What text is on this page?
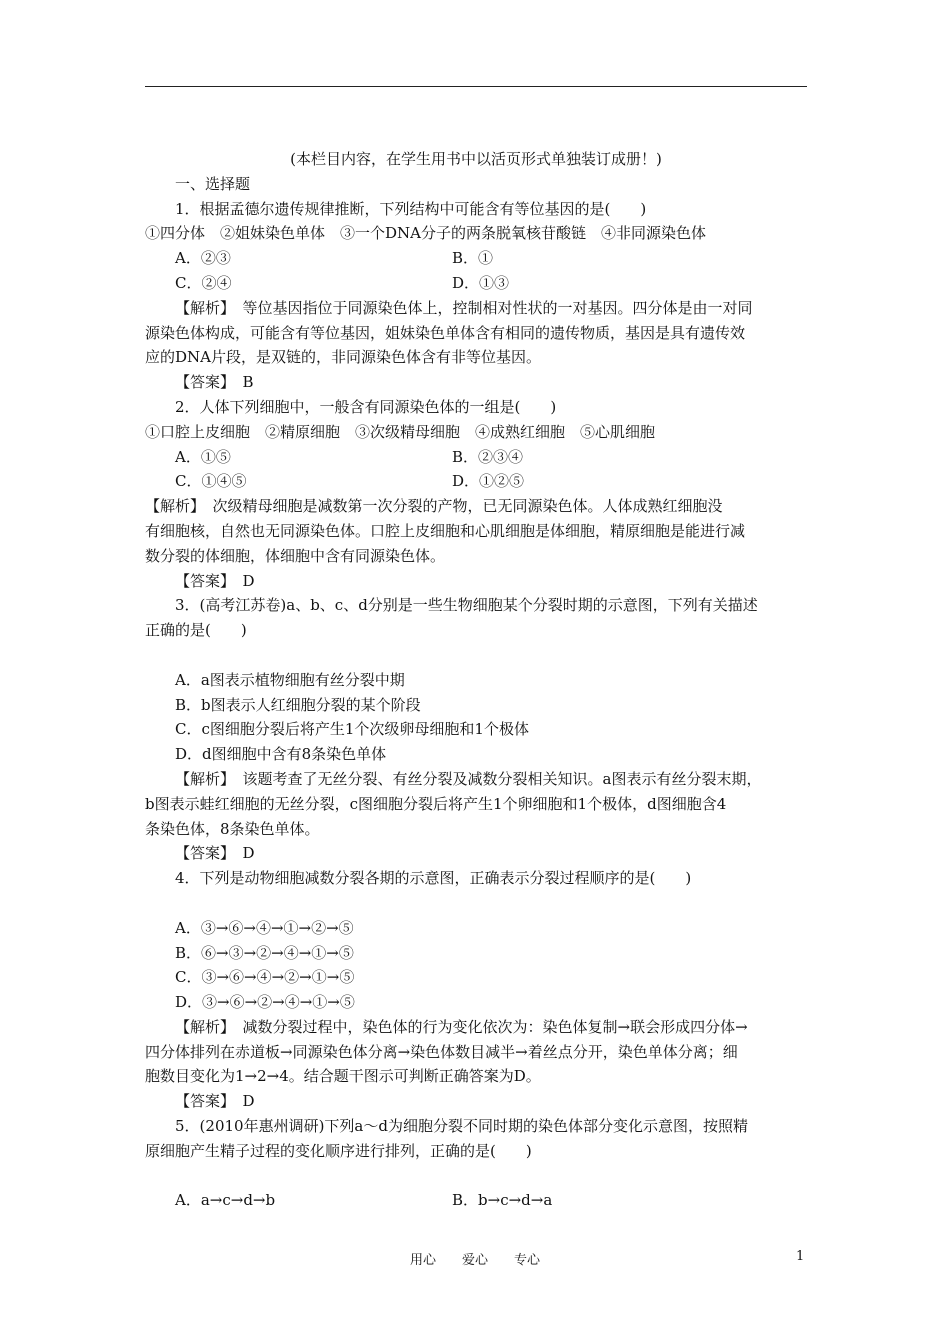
(本栏目内容，在学生用书中以活页形式单独装订成册！)
一、选择题
1．根据孟德尔遗传规律推断，下列结构中可能含有等位基因的是(　　)
①四分体　②姐妹染色单体　③一个DNA分子的两条脱氧核苷酸链　④非同源染色体
A．②③	B．①
C．②④	D．①③
【解析】　等位基因指位于同源染色体上，控制相对性状的一对基因。四分体是由一对同
源染色体构成，可能含有等位基因，姐妹染色单体含有相同的遗传物质，基因是具有遗传效
应的DNA片段，是双链的，非同源染色体含有非等位基因。
【答案】　B
2．人体下列细胞中，一般含有同源染色体的一组是(　　)
①口腔上皮细胞　②精原细胞　③次级精母细胞　④成熟红细胞　⑤心肌细胞
A．①⑤	B．②③④
C．①④⑤	D．①②⑤
【解析】　次级精母细胞是减数第一次分裂的产物，已无同源染色体。人体成熟红细胞没
有细胞核，自然也无同源染色体。口腔上皮细胞和心肌细胞是体细胞，精原细胞是能进行减
数分裂的体细胞，体细胞中含有同源染色体。
【答案】　D
3．(高考江苏卷)a、b、c、d分别是一些生物细胞某个分裂时期的示意图，下列有关描述
正确的是(　　)
A．a图表示植物细胞有丝分裂中期
B．b图表示人红细胞分裂的某个阶段
C．c图细胞分裂后将产生1个次级卵母细胞和1个极体
D．d图细胞中含有8条染色单体
【解析】　该题考查了无丝分裂、有丝分裂及减数分裂相关知识。a图表示有丝分裂末期，
b图表示蛙红细胞的无丝分裂，c图细胞分裂后将产生1个卵细胞和1个极体，d图细胞含4
条染色体，8条染色单体。
【答案】　D
4．下列是动物细胞减数分裂各期的示意图，正确表示分裂过程顺序的是(　　)
A．③→⑥→④→①→②→⑤
B．⑥→③→②→④→①→⑤
C．③→⑥→④→②→①→⑤
D．③→⑥→②→④→①→⑤
【解析】　减数分裂过程中，染色体的行为变化依次为：染色体复制→联会形成四分体→
四分体排列在赤道板→同源染色体分离→染色体数目减半→着丝点分开，染色单体分离；细
胞数目变化为1→2→4。结合题干图示可判断正确答案为D。
【答案】　D
5．(2010年惠州调研)下列a～d为细胞分裂不同时期的染色体部分变化示意图，按照精
原细胞产生精子过程的变化顺序进行排列，正确的是(　　)
A．a→c→d→b	B．b→c→d→a
用心　　爱心　　专心	1
